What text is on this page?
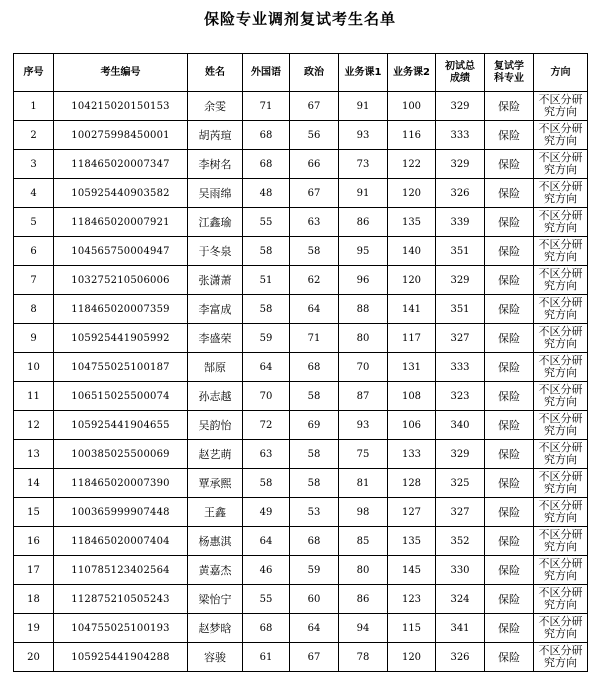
保险专业调剂复试考生名单
序号	考生编号	姓名	外国语	政治	业务课1	业务课2	初试总成绩	复试学科专业	方向
1	104215020150153	余雯	71	67	91	100	329	保险	不区分研究方向
2	100275998450001	胡芮瑄	68	56	93	116	333	保险	不区分研究方向
3	118465020007347	李树名	68	66	73	122	329	保险	不区分研究方向
4	105925440903582	吴雨绵	48	67	91	120	326	保险	不区分研究方向
5	118465020007921	江鑫瑜	55	63	86	135	339	保险	不区分研究方向
6	104565750004947	于冬泉	58	58	95	140	351	保险	不区分研究方向
7	103275210506006	张潇萧	51	62	96	120	329	保险	不区分研究方向
8	118465020007359	李富成	58	64	88	141	351	保险	不区分研究方向
9	105925441905992	李盛荣	59	71	80	117	327	保险	不区分研究方向
10	104755025100187	郜原	64	68	70	131	333	保险	不区分研究方向
11	106515025500074	孙志越	70	58	87	108	323	保险	不区分研究方向
12	105925441904655	吴韵怡	72	69	93	106	340	保险	不区分研究方向
13	100385025500069	赵艺萌	63	58	75	133	329	保险	不区分研究方向
14	118465020007390	覃承熙	58	58	81	128	325	保险	不区分研究方向
15	100365999907448	王鑫	49	53	98	127	327	保险	不区分研究方向
16	118465020007404	杨惠淇	64	68	85	135	352	保险	不区分研究方向
17	110785123402564	黄嘉杰	46	59	80	145	330	保险	不区分研究方向
18	112875210505243	梁怡宁	55	60	86	123	324	保险	不区分研究方向
19	104755025100193	赵梦晗	68	64	94	115	341	保险	不区分研究方向
20	105925441904288	容骏	61	67	78	120	326	保险	不区分研究方向
